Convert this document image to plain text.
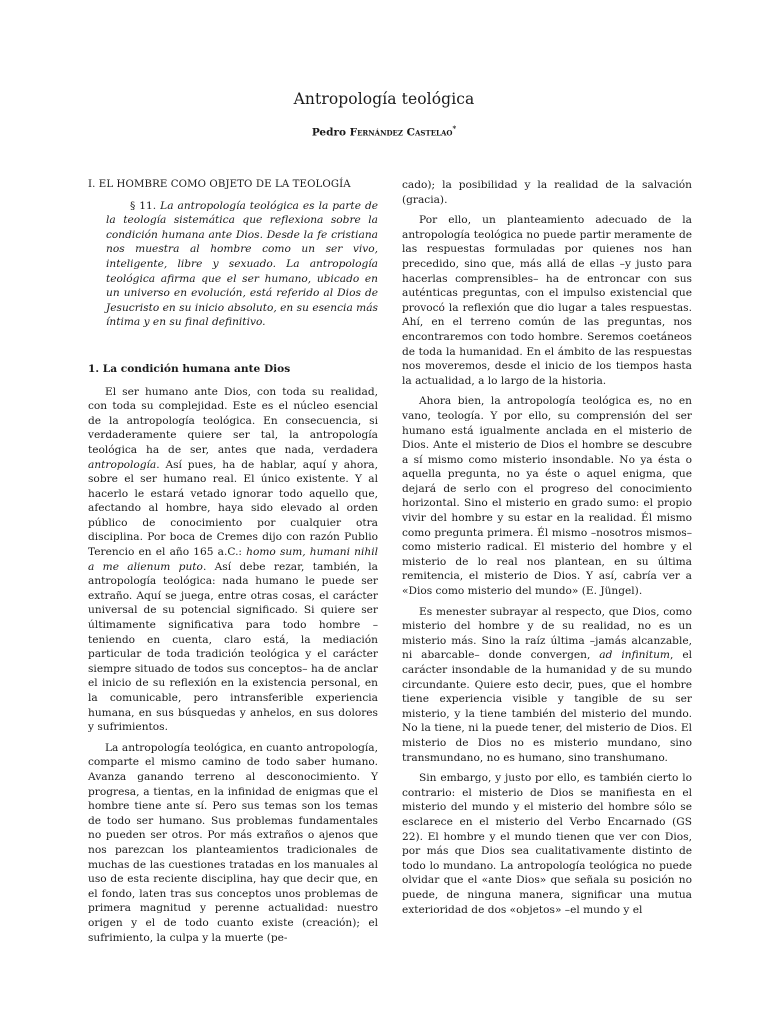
Antropología teológica
Pedro Fernández Castelao*

I. EL HOMBRE COMO OBJETO DE LA TEOLOGÍA

§ 11. La antropología teológica es la parte de la teología sistemática que reflexiona sobre la condición humana ante Dios. Desde la fe cristiana nos muestra al hombre como un ser vivo, inteligente, libre y sexuado. La antropología teológica afirma que el ser humano, ubicado en un universo en evolución, está referido al Dios de Jesucristo en su inicio absoluto, en su esencia más íntima y en su final definitivo.

1. La condición humana ante Dios

El ser humano ante Dios, con toda su realidad, con toda su complejidad. Este es el núcleo esencial de la antropología teológica. En consecuencia, si verdaderamente quiere ser tal, la antropología teológica ha de ser, antes que nada, verdadera antropología. Así pues, ha de hablar, aquí y ahora, sobre el ser humano real. El único existente. Y al hacerlo le estará vetado ignorar todo aquello que, afectando al hombre, haya sido elevado al orden público de conocimiento por cualquier otra disciplina. Por boca de Cremes dijo con razón Publio Terencio en el año 165 a.C.: homo sum, humani nihil a me alienum puto. Así debe rezar, también, la antropología teológica: nada humano le puede ser extraño. Aquí se juega, entre otras cosas, el carácter universal de su potencial significado. Si quiere ser últimamente significativa para todo hombre –teniendo en cuenta, claro está, la mediación particular de toda tradición teológica y el carácter siempre situado de todos sus conceptos– ha de anclar el inicio de su reflexión en la existencia personal, en la comunicable, pero intransferible experiencia humana, en sus búsquedas y anhelos, en sus dolores y sufrimientos.

La antropología teológica, en cuanto antropología, comparte el mismo camino de todo saber humano. Avanza ganando terreno al desconocimiento. Y progresa, a tientas, en la infinidad de enigmas que el hombre tiene ante sí. Pero sus temas son los temas de todo ser humano. Sus problemas fundamentales no pueden ser otros. Por más extraños o ajenos que nos parezcan los planteamientos tradicionales de muchas de las cuestiones tratadas en los manuales al uso de esta reciente disciplina, hay que decir que, en el fondo, laten tras sus conceptos unos problemas de primera magnitud y perenne actualidad: nuestro origen y el de todo cuanto existe (creación); el sufrimiento, la culpa y la muerte (pe-

cado); la posibilidad y la realidad de la salvación (gracia).

Por ello, un planteamiento adecuado de la antropología teológica no puede partir meramente de las respuestas formuladas por quienes nos han precedido, sino que, más allá de ellas –y justo para hacerlas comprensibles– ha de entroncar con sus auténticas preguntas, con el impulso existencial que provocó la reflexión que dio lugar a tales respuestas. Ahí, en el terreno común de las preguntas, nos encontraremos con todo hombre. Seremos coetáneos de toda la humanidad. En el ámbito de las respuestas nos moveremos, desde el inicio de los tiempos hasta la actualidad, a lo largo de la historia.

Ahora bien, la antropología teológica es, no en vano, teología. Y por ello, su comprensión del ser humano está igualmente anclada en el misterio de Dios. Ante el misterio de Dios el hombre se descubre a sí mismo como misterio insondable. No ya ésta o aquella pregunta, no ya éste o aquel enigma, que dejará de serlo con el progreso del conocimiento horizontal. Sino el misterio en grado sumo: el propio vivir del hombre y su estar en la realidad. Él mismo como pregunta primera. Él mismo –nosotros mismos– como misterio radical. El misterio del hombre y el misterio de lo real nos plantean, en su última remitencia, el misterio de Dios. Y así, cabría ver a «Dios como misterio del mundo» (E. Jüngel).

Es menester subrayar al respecto, que Dios, como misterio del hombre y de su realidad, no es un misterio más. Sino la raíz última –jamás alcanzable, ni abarcable– donde convergen, ad infinitum, el carácter insondable de la humanidad y de su mundo circundante. Quiere esto decir, pues, que el hombre tiene experiencia visible y tangible de su ser misterio, y la tiene también del misterio del mundo. No la tiene, ni la puede tener, del misterio de Dios. El misterio de Dios no es misterio mundano, sino transmundano, no es humano, sino transhumano.

Sin embargo, y justo por ello, es también cierto lo contrario: el misterio de Dios se manifiesta en el misterio del mundo y el misterio del hombre sólo se esclarece en el misterio del Verbo Encarnado (GS 22). El hombre y el mundo tienen que ver con Dios, por más que Dios sea cualitativamente distinto de todo lo mundano. La antropología teológica no puede olvidar que el «ante Dios» que señala su posición no puede, de ninguna manera, significar una mutua exterioridad de dos «objetos» –el mundo y el
